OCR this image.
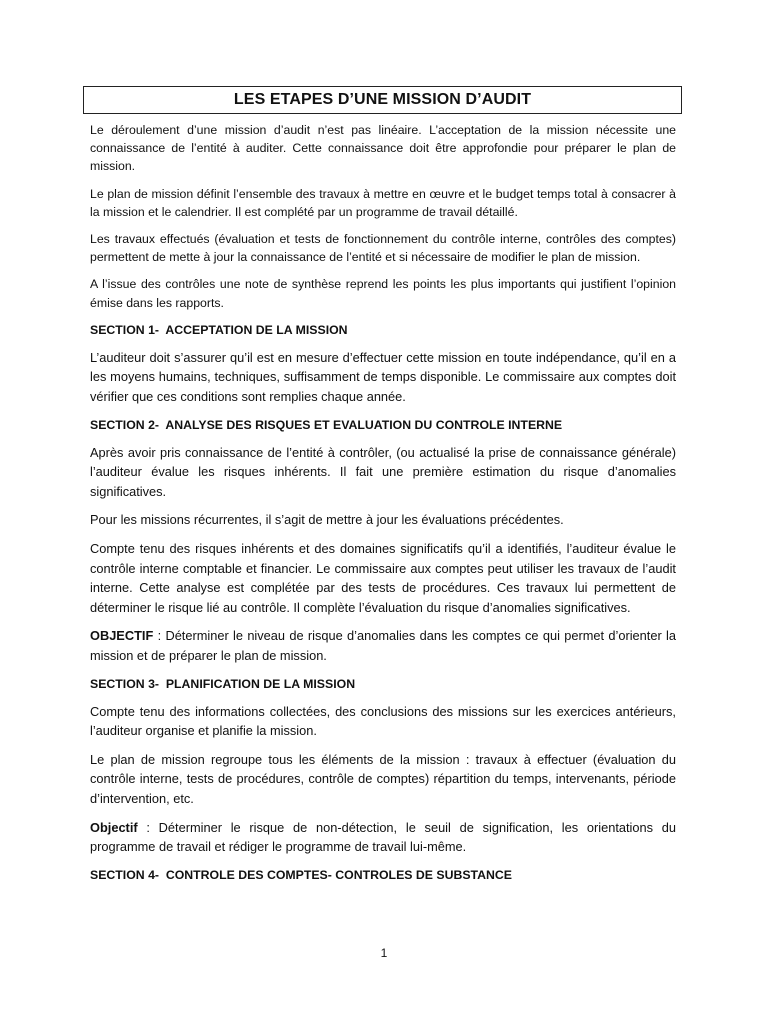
LES ETAPES D’UNE MISSION D’AUDIT

Le déroulement d’une mission d’audit n’est pas linéaire. L’acceptation de la mission nécessite une connaissance de l’entité à auditer. Cette connaissance doit être approfondie pour préparer le plan de mission.

Le plan de mission définit l’ensemble des travaux à mettre en œuvre et le budget temps total à consacrer à la mission et le calendrier. Il est complété par un programme de travail détaillé.

Les travaux effectués (évaluation et tests de fonctionnement du contrôle interne, contrôles des comptes) permettent de mette à jour la connaissance de l’entité et si nécessaire de modifier le plan de mission.

A l’issue des contrôles une note de synthèse reprend les points les plus importants qui justifient l’opinion émise dans les rapports.

SECTION 1-  ACCEPTATION DE LA MISSION

L’auditeur doit s’assurer qu’il est en mesure d’effectuer cette mission en toute indépendance, qu’il en a les moyens humains, techniques, suffisamment de temps disponible. Le commissaire aux comptes doit vérifier que ces conditions sont remplies chaque année.

SECTION 2-  ANALYSE DES RISQUES ET EVALUATION DU CONTROLE INTERNE

Après avoir pris connaissance de l’entité à contrôler, (ou actualisé la prise de connaissance générale) l’auditeur évalue les risques inhérents. Il fait une première estimation du risque d’anomalies significatives.

Pour les missions récurrentes, il s’agit de mettre à jour les évaluations précédentes.

Compte tenu des risques inhérents et des domaines significatifs qu’il a identifiés, l’auditeur évalue le contrôle interne comptable et financier. Le commissaire aux comptes peut utiliser les travaux de l’audit interne. Cette analyse est complétée par des tests de procédures. Ces travaux lui permettent de déterminer le risque lié au contrôle. Il complète l’évaluation du risque d’anomalies significatives.

OBJECTIF : Déterminer le niveau de risque d’anomalies dans les comptes ce qui permet d’orienter la mission et de préparer le plan de mission.

SECTION 3-  PLANIFICATION DE LA MISSION

Compte tenu des informations collectées, des conclusions des missions sur les exercices antérieurs, l’auditeur organise et planifie la mission.

Le plan de mission regroupe tous les éléments de la mission : travaux à effectuer (évaluation du contrôle interne, tests de procédures, contrôle de comptes) répartition du temps, intervenants, période d’intervention, etc.

Objectif : Déterminer le risque de non-détection, le seuil de signification, les orientations du programme de travail et rédiger le programme de travail lui-même.

SECTION 4-  CONTROLE DES COMPTES- CONTROLES DE SUBSTANCE
1
